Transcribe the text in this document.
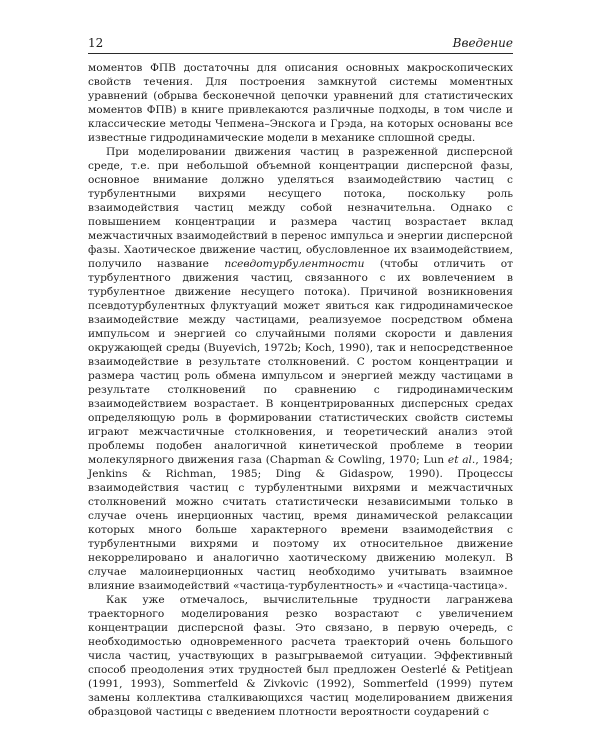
12	Введение

моментов ФПВ достаточны для описания основных макроскопических свойств течения. Для построения замкнутой системы моментных уравнений (обрыва бесконечной цепочки уравнений для статистических моментов ФПВ) в книге привлекаются различные подходы, в том числе и классические методы Чепмена–Энскога и Грэда, на которых основаны все известные гидродинамические модели в механике сплошной среды.

При моделировании движения частиц в разреженной дисперсной среде, т.е. при небольшой объемной концентрации дисперсной фазы, основное внимание должно уделяться взаимодействию частиц с турбулентными вихрями несущего потока, поскольку роль взаимодействия частиц между собой незначительна. Однако с повышением концентрации и размера частиц возрастает вклад межчастичных взаимодействий в перенос импульса и энергии дисперсной фазы. Хаотическое движение частиц, обусловленное их взаимодействием, получило название псевдотурбулентности (чтобы отличить от турбулентного движения частиц, связанного с их вовлечением в турбулентное движение несущего потока). Причиной возникновения псевдотурбулентных флуктуаций может явиться как гидродинамическое взаимодействие между частицами, реализуемое посредством обмена импульсом и энергией со случайными полями скорости и давления окружающей среды (Buyevich, 1972b; Koch, 1990), так и непосредственное взаимодействие в результате столкновений. С ростом концентрации и размера частиц роль обмена импульсом и энергией между частицами в результате столкновений по сравнению с гидродинамическим взаимодействием возрастает. В концентрированных дисперсных средах определяющую роль в формировании статистических свойств системы играют межчастичные столкновения, и теоретический анализ этой проблемы подобен аналогичной кинетической проблеме в теории молекулярного движения газа (Chapman & Cowling, 1970; Lun et al., 1984; Jenkins & Richman, 1985; Ding & Gidaspow, 1990). Процессы взаимодействия частиц с турбулентными вихрями и межчастичных столкновений можно считать статистически независимыми только в случае очень инерционных частиц, время динамической релаксации которых много больше характерного времени взаимодействия с турбулентными вихрями и поэтому их относительное движение некоррелировано и аналогично хаотическому движению молекул. В случае малоинерционных частиц необходимо учитывать взаимное влияние взаимодействий «частица-турбулентность» и «частица-частица».

Как уже отмечалось, вычислительные трудности лагранжева траекторного моделирования резко возрастают с увеличением концентрации дисперсной фазы. Это связано, в первую очередь, с необходимостью одновременного расчета траекторий очень большого числа частиц, участвующих в разыгрываемой ситуации. Эффективный способ преодоления этих трудностей был предложен Oesterlé & Petitjean (1991, 1993), Sommerfeld & Zivkovic (1992), Sommerfeld (1999) путем замены коллектива сталкивающихся частиц моделированием движения образцовой частицы с введением плотности вероятности соударений с
